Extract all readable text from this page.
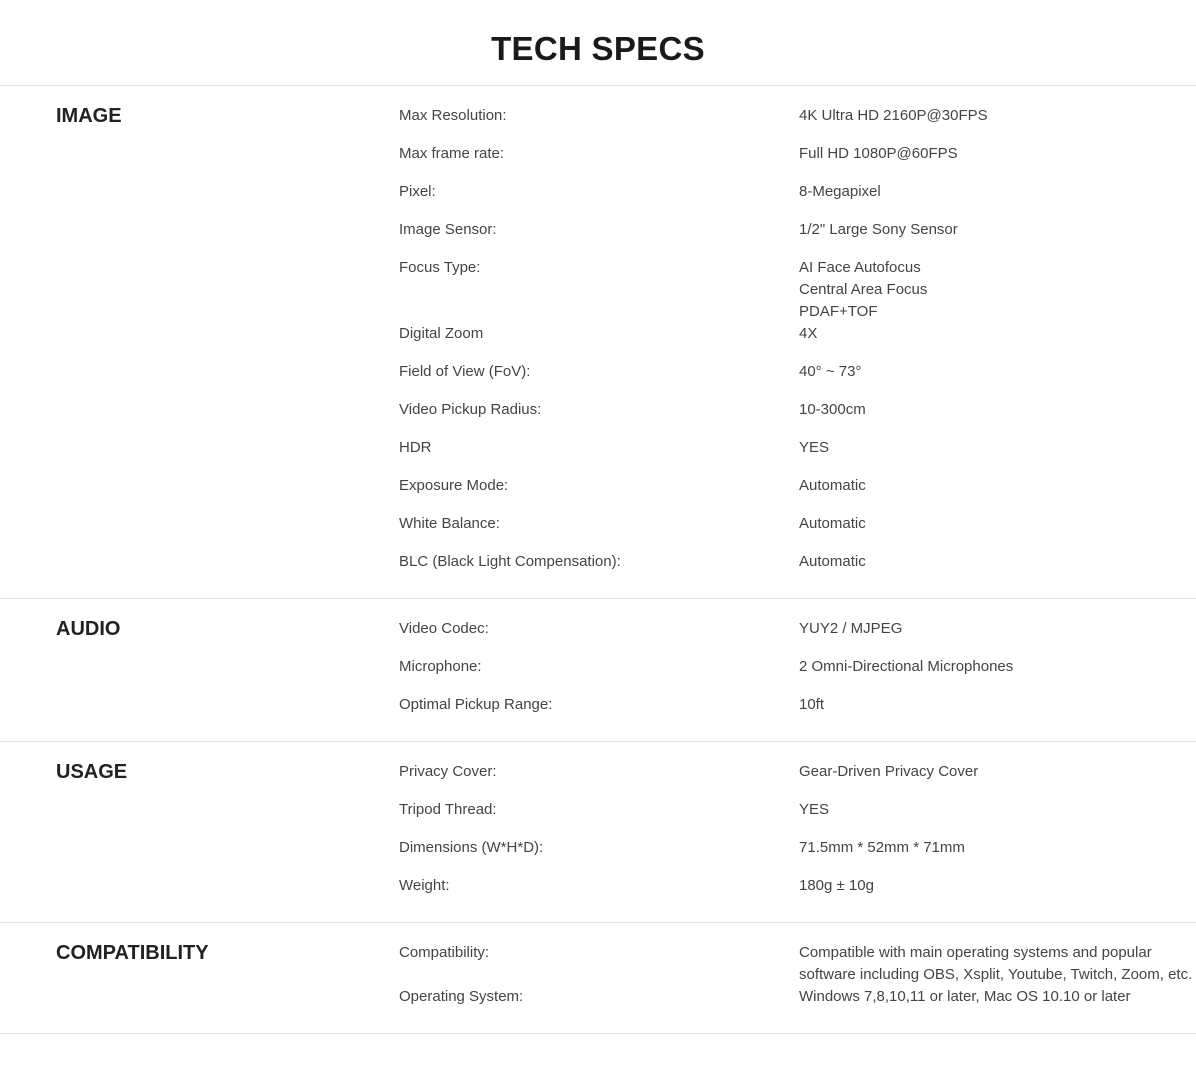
TECH SPECS
IMAGE	Max Resolution:	4K Ultra HD 2160P@30FPS
Max frame rate:	Full HD 1080P@60FPS
Pixel:	8-Megapixel
Image Sensor:	1/2" Large Sony Sensor
Focus Type:	AI Face Autofocus
Central Area Focus
PDAF+TOF
Digital Zoom	4X
Field of View (FoV):	40° ~ 73°
Video Pickup Radius:	10-300cm
HDR	YES
Exposure Mode:	Automatic
White Balance:	Automatic
BLC (Black Light Compensation):	Automatic
AUDIO	Video Codec:	YUY2 / MJPEG
Microphone:	2 Omni-Directional Microphones
Optimal Pickup Range:	10ft
USAGE	Privacy Cover:	Gear-Driven Privacy Cover
Tripod Thread:	YES
Dimensions (W*H*D):	71.5mm * 52mm * 71mm
Weight:	180g ± 10g
COMPATIBILITY	Compatibility:	Compatible with main operating systems and popular software including OBS, Xsplit, Youtube, Twitch, Zoom, etc.
Operating System:	Windows 7,8,10,11 or later, Mac OS 10.10 or later
